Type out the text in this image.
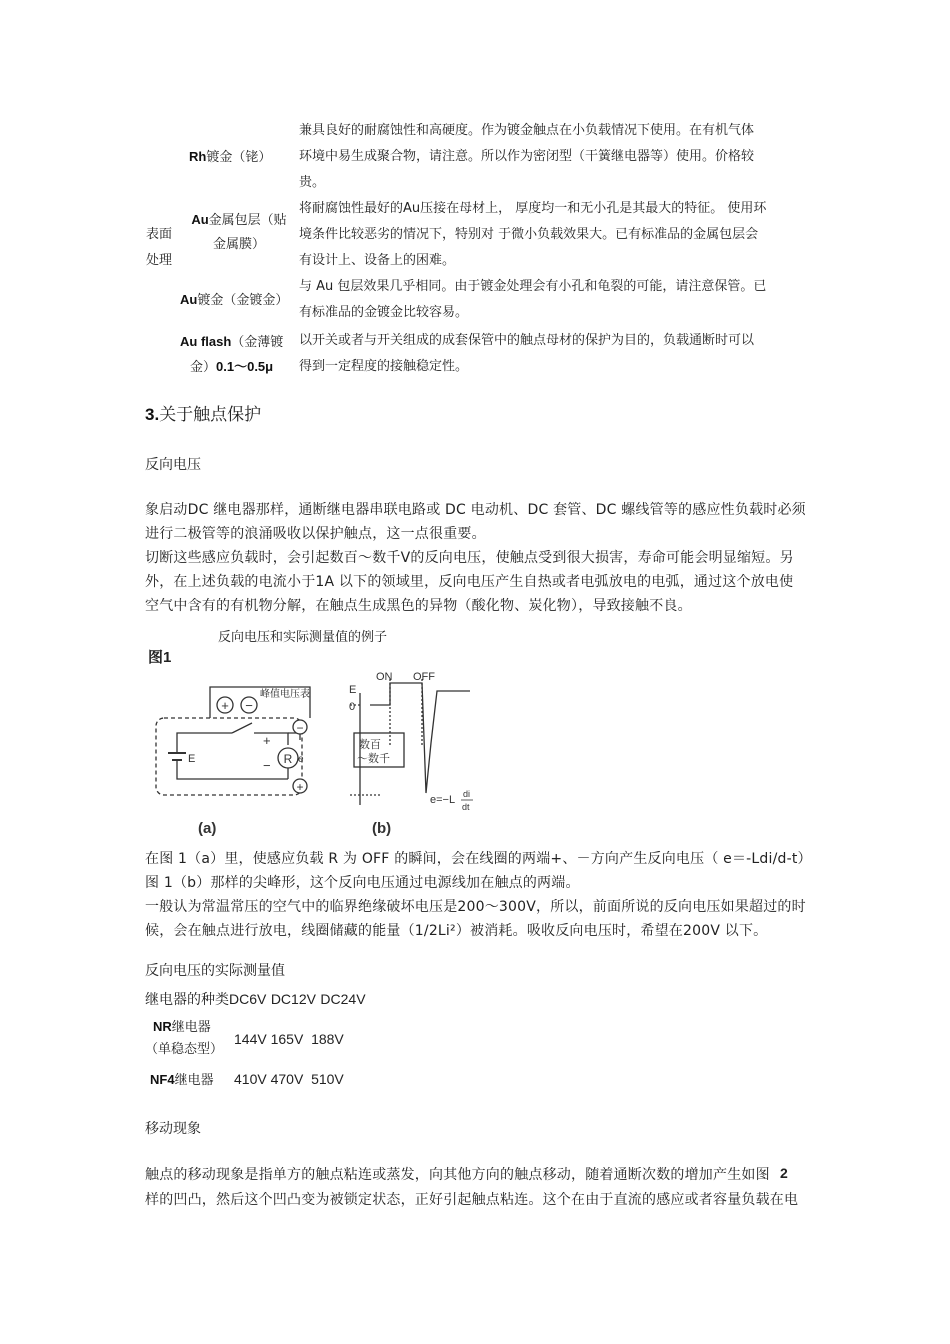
表面
处理
Rh镀金（铑）
兼具良好的耐腐蚀性和高硬度。作为镀金触点在小负载情况下使用。在有机气体
环境中易生成聚合物，请注意。所以作为密闭型（干簧继电器等）使用。价格较
贵。
Au金属包层（贴
金属膜）
将耐腐蚀性最好的Au压接在母材上， 厚度均一和无小孔是其最大的特征。 使用环
境条件比较恶劣的情况下，特别对 于微小负载效果大。已有标准品的金属包层会
有设计上、设备上的困难。
Au镀金（金镀金）
与 Au 包层效果几乎相同。由于镀金处理会有小孔和龟裂的可能，请注意保管。已
有标准品的金镀金比较容易。
Au flash（金薄镀
金）0.1～0.5μ
以开关或者与开关组成的成套保管中的触点母材的保护为目的，负载通断时可以
得到一定程度的接触稳定性。
3.关于触点保护
反向电压
象启动DC 继电器那样，通断继电器串联电路或 DC 电动机、DC 套管、DC 螺线管等的感应性负载时必须
进行二极管等的浪涌吸收以保护触点，这一点很重要。
切断这些感应负载时，会引起数百～数千V的反向电压，使触点受到很大损害，寿命可能会明显缩短。另
外，在上述负载的电流小于1A 以下的领域里，反向电压产生自热或者电弧放电的电弧，通过这个放电使
空气中含有的有机物分解，在触点生成黑色的异物（酸化物、炭化物），导致接触不良。
反向电压和实际测量值的例子
图1
+ −
峰值电压表
−
+
E	R
+
−	e
(a)
ON OFF
E
0
数百
～数千
e=−L di
dt
(b)
在图 1（a）里，使感应负载 R 为 OFF 的瞬间，会在线圈的两端+、－方向产生反向电压（ e＝-Ldi/d-t）
图 1（b）那样的尖峰形，这个反向电压通过电源线加在触点的两端。
一般认为常温常压的空气中的临界绝缘破坏电压是200～300V，所以，前面所说的反向电压如果超过的时
候，会在触点进行放电，线圈储藏的能量（1/2Li²）被消耗。吸收反向电压时，希望在200V 以下。
反向电压的实际测量值
继电器的种类DC6V DC12V DC24V
NR继电器
（单稳态型）
144V 165V 188V
NF4继电器 410V 470V 510V
移动现象
触点的移动现象是指单方的触点粘连或蒸发，向其他方向的触点移动，随着通断次数的增加产生如图
样的凹凸，然后这个凹凸变为被锁定状态，正好引起触点粘连。这个在由于直流的感应或者容量负载在电
2
